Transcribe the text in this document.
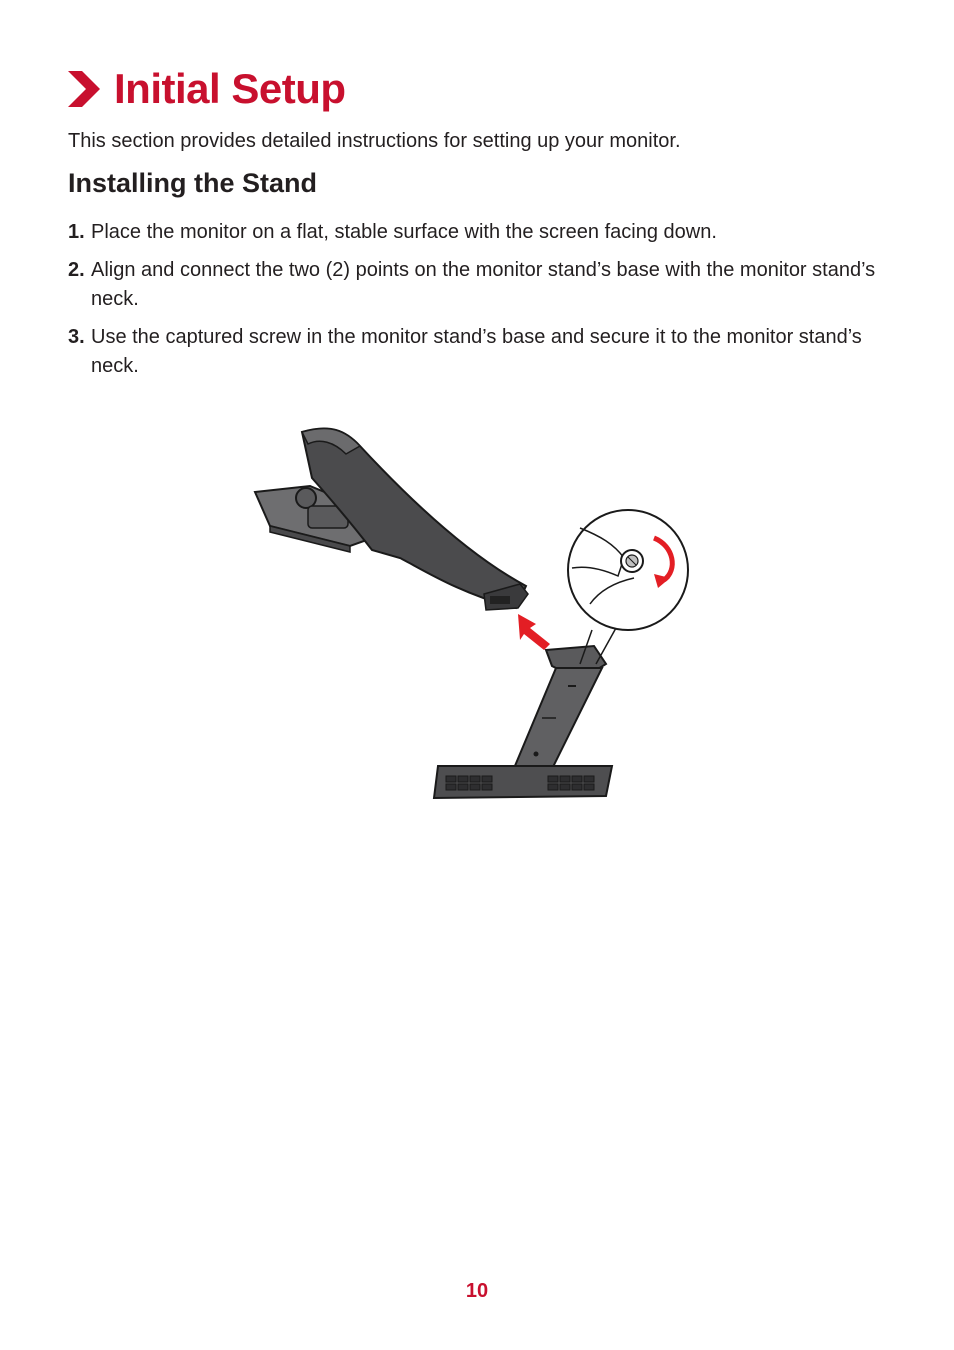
Initial Setup

This section provides detailed instructions for setting up your monitor.

Installing the Stand
1. Place the monitor on a flat, stable surface with the screen facing down.
2. Align and connect the two (2) points on the monitor stand’s base with the monitor stand’s neck.
3. Use the captured screw in the monitor stand’s base and secure it to the monitor stand’s neck.
10
